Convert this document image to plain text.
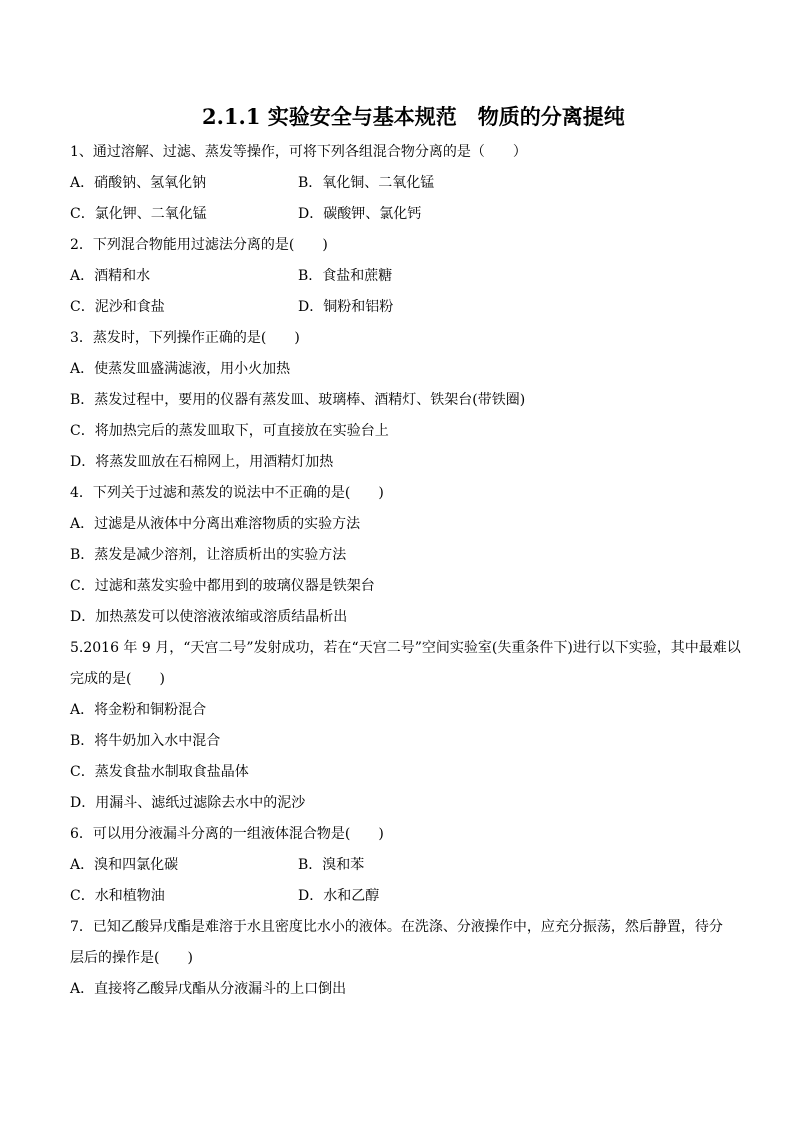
2.1.1 实验安全与基本规范　物质的分离提纯
1、通过溶解、过滤、蒸发等操作，可将下列各组混合物分离的是（　　）
A．硝酸钠、氢氧化钠	B．氧化铜、二氧化锰
C．氯化钾、二氧化锰	D．碳酸钾、氯化钙
2．下列混合物能用过滤法分离的是(　　)
A．酒精和水	B．食盐和蔗糖
C．泥沙和食盐	D．铜粉和铝粉
3．蒸发时，下列操作正确的是(　　)
A．使蒸发皿盛满滤液，用小火加热
B．蒸发过程中，要用的仪器有蒸发皿、玻璃棒、酒精灯、铁架台(带铁圈)
C．将加热完后的蒸发皿取下，可直接放在实验台上
D．将蒸发皿放在石棉网上，用酒精灯加热
4．下列关于过滤和蒸发的说法中不正确的是(　　)
A．过滤是从液体中分离出难溶物质的实验方法
B．蒸发是减少溶剂，让溶质析出的实验方法
C．过滤和蒸发实验中都用到的玻璃仪器是铁架台
D．加热蒸发可以使溶液浓缩或溶质结晶析出
5.2016 年 9 月，“天宫二号”发射成功，若在“天宫二号”空间实验室(失重条件下)进行以下实验，其中最难以
完成的是(　　)
A．将金粉和铜粉混合
B．将牛奶加入水中混合
C．蒸发食盐水制取食盐晶体
D．用漏斗、滤纸过滤除去水中的泥沙
6．可以用分液漏斗分离的一组液体混合物是(　　)
A．溴和四氯化碳	B．溴和苯
C．水和植物油	D．水和乙醇
7．已知乙酸异戊酯是难溶于水且密度比水小的液体。在洗涤、分液操作中，应充分振荡，然后静置，待分
层后的操作是(　　)
A．直接将乙酸异戊酯从分液漏斗的上口倒出
